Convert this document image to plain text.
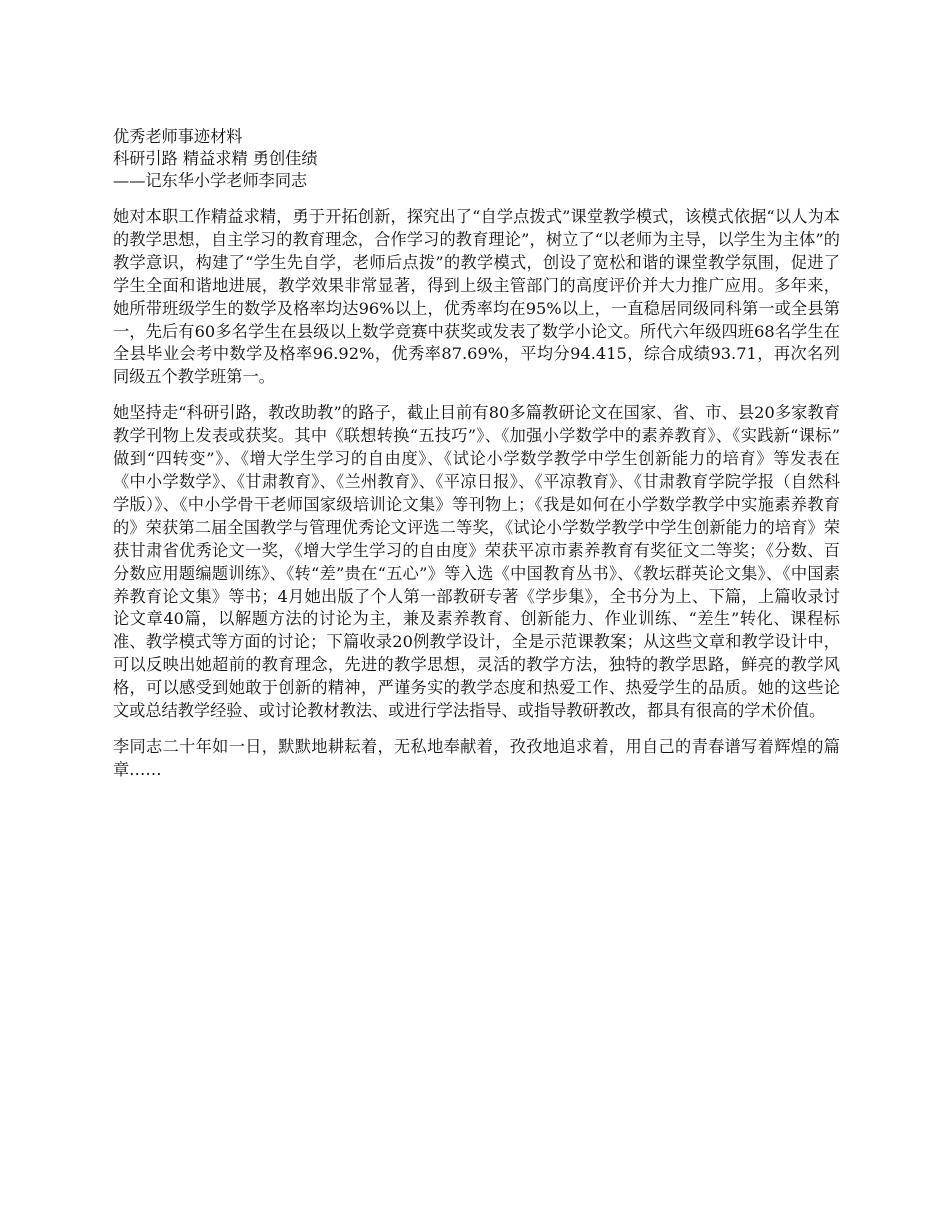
优秀老师事迹材料

科研引路 精益求精 勇创佳绩

——记东华小学老师李同志

她对本职工作精益求精，勇于开拓创新，探究出了“自学点拨式”课堂教学模式，该模式依据“以人为本的教学思想，自主学习的教育理念，合作学习的教育理论”，树立了“以老师为主导，以学生为主体”的教学意识，构建了“学生先自学，老师后点拨”的教学模式，创设了宽松和谐的课堂教学氛围，促进了学生全面和谐地进展，教学效果非常显著，得到上级主管部门的高度评价并大力推广应用。多年来，她所带班级学生的数学及格率均达96%以上，优秀率均在95%以上，一直稳居同级同科第一或全县第一，先后有60多名学生在县级以上数学竞赛中获奖或发表了数学小论文。所代六年级四班68名学生在全县毕业会考中数学及格率96.92%，优秀率87.69%，平均分94.415，综合成绩93.71，再次名列同级五个教学班第一。

她坚持走“科研引路，教改助教”的路子，截止目前有80多篇教研论文在国家、省、市、县20多家教育教学刊物上发表或获奖。其中《联想转换“五技巧”》、《加强小学数学中的素养教育》、《实践新“课标” 做到“四转变”》、《增大学生学习的自由度》、《试论小学数学教学中学生创新能力的培育》等发表在《中小学数学》、《甘肃教育》、《兰州教育》、《平凉日报》、《平凉教育》、《甘肃教育学院学报（自然科学版）》、《中小学骨干老师国家级培训论文集》等刊物上；《我是如何在小学数学教学中实施素养教育的》荣获第二届全国教学与管理优秀论文评选二等奖，《试论小学数学教学中学生创新能力的培育》荣获甘肃省优秀论文一奖，《增大学生学习的自由度》荣获平凉市素养教育有奖征文二等奖；《分数、百分数应用题编题训练》、《转“差”贵在“五心”》等入选《中国教育丛书》、《教坛群英论文集》、《中国素养教育论文集》等书；4月她出版了个人第一部教研专著《学步集》，全书分为上、下篇，上篇收录讨论文章40篇，以解题方法的讨论为主，兼及素养教育、创新能力、作业训练、“差生”转化、课程标准、教学模式等方面的讨论；下篇收录20例教学设计，全是示范课教案；从这些文章和教学设计中，可以反映出她超前的教育理念，先进的教学思想，灵活的教学方法，独特的教学思路，鲜亮的教学风格，可以感受到她敢于创新的精神，严谨务实的教学态度和热爱工作、热爱学生的品质。她的这些论文或总结教学经验、或讨论教材教法、或进行学法指导、或指导教研教改，都具有很高的学术价值。

李同志二十年如一日，默默地耕耘着，无私地奉献着，孜孜地追求着，用自己的青春谱写着辉煌的篇章……
